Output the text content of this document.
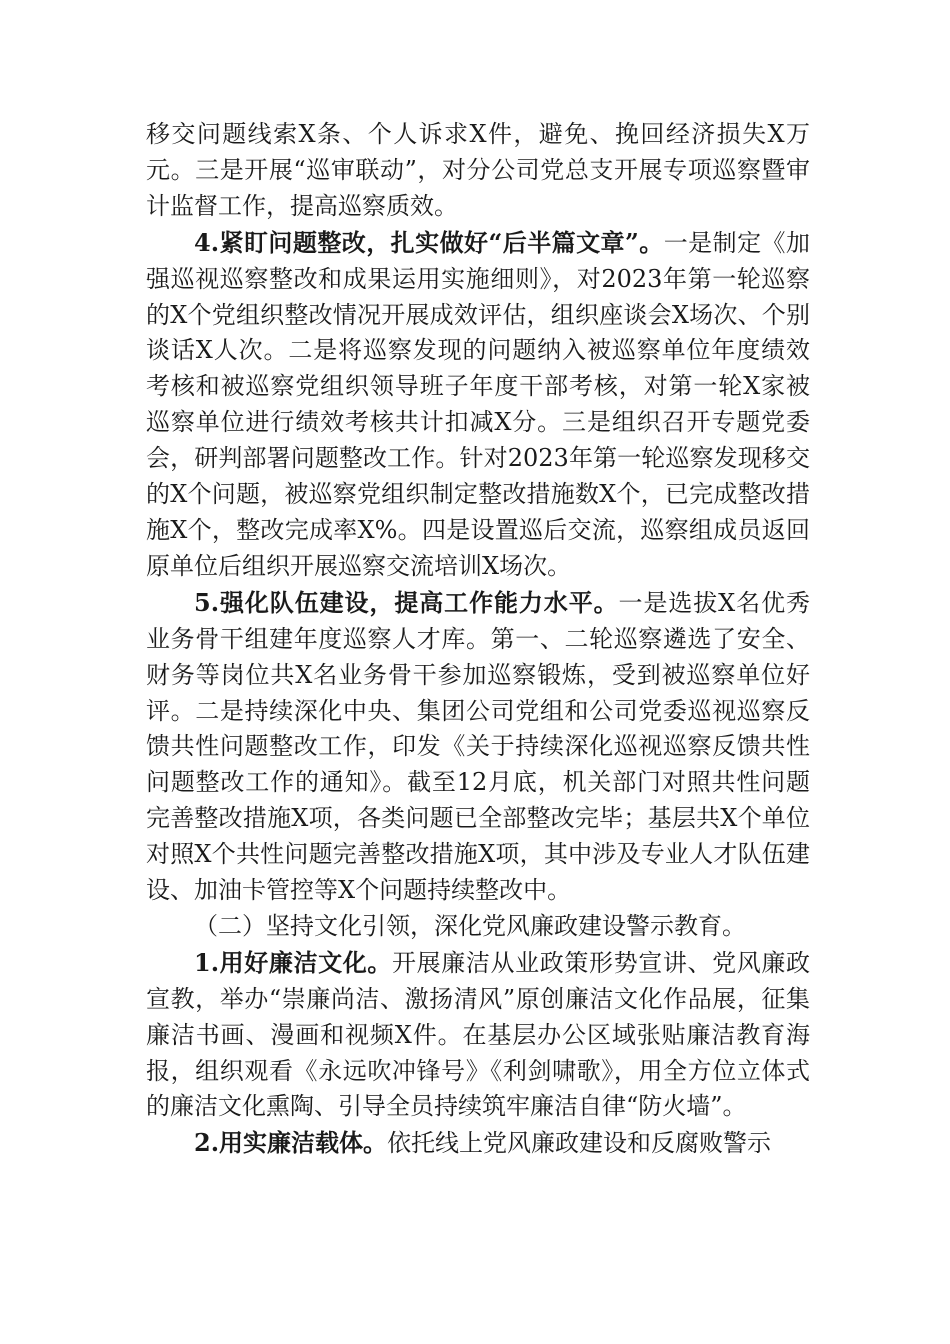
移交问题线索X条、个人诉求X件，避免、挽回经济损失X万元。三是开展“巡审联动”，对分公司党总支开展专项巡察暨审计监督工作，提高巡察质效。

4.紧盯问题整改，扎实做好“后半篇文章”。一是制定《加强巡视巡察整改和成果运用实施细则》，对2023年第一轮巡察的X个党组织整改情况开展成效评估，组织座谈会X场次、个别谈话X人次。二是将巡察发现的问题纳入被巡察单位年度绩效考核和被巡察党组织领导班子年度干部考核，对第一轮X家被巡察单位进行绩效考核共计扣减X分。三是组织召开专题党委会，研判部署问题整改工作。针对2023年第一轮巡察发现移交的X个问题，被巡察党组织制定整改措施数X个，已完成整改措施X个，整改完成率X%。四是设置巡后交流，巡察组成员返回原单位后组织开展巡察交流培训X场次。

5.强化队伍建设，提高工作能力水平。一是选拔X名优秀业务骨干组建年度巡察人才库。第一、二轮巡察遴选了安全、财务等岗位共X名业务骨干参加巡察锻炼，受到被巡察单位好评。二是持续深化中央、集团公司党组和公司党委巡视巡察反馈共性问题整改工作，印发《关于持续深化巡视巡察反馈共性问题整改工作的通知》。截至12月底，机关部门对照共性问题完善整改措施X项，各类问题已全部整改完毕；基层共X个单位对照X个共性问题完善整改措施X项，其中涉及专业人才队伍建设、加油卡管控等X个问题持续整改中。

（二）坚持文化引领，深化党风廉政建设警示教育。

1.用好廉洁文化。开展廉洁从业政策形势宣讲、党风廉政宣教，举办“崇廉尚洁、激扬清风”原创廉洁文化作品展，征集廉洁书画、漫画和视频X件。在基层办公区域张贴廉洁教育海报，组织观看《永远吹冲锋号》《利剑啸歌》，用全方位立体式的廉洁文化熏陶、引导全员持续筑牢廉洁自律“防火墙”。

2.用实廉洁载体。依托线上党风廉政建设和反腐败警示
